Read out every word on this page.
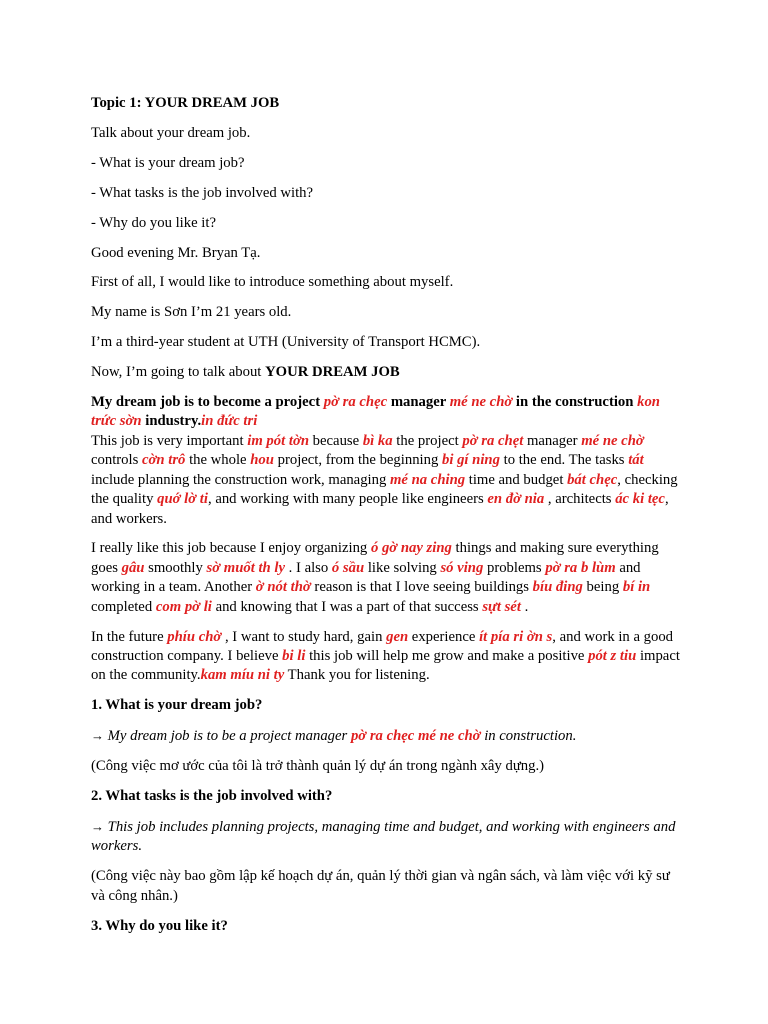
Topic 1: YOUR DREAM JOB

Talk about your dream job.

- What is your dream job?

- What tasks is the job involved with?

- Why do you like it?

Good evening Mr. Bryan Tạ.

First of all, I would like to introduce something about myself.

My name is Sơn I’m 21 years old.

I’m a third-year student at UTH (University of Transport HCMC).

Now, I’m going to talk about YOUR DREAM JOB

My dream job is to become a project pờ ra chẹc manager mé ne chờ in the construction kon trức sờn industry.in đức tri

This job is very important im pót tờn because bì ka the project pờ ra chẹt manager mé ne chờ controls cờn trô the whole hou project, from the beginning bi gí ning to the end. The tasks tát include planning the construction work, managing mé na ching time and budget bát chẹc, checking the quality quớ lờ ti, and working with many people like engineers en đờ nia , architects ác ki tẹc, and workers.

I really like this job because I enjoy organizing ó gờ nay zing things and making sure everything goes gâu smoothly sờ muốt th ly . I also ó sầu like solving só ving problems pờ ra b lùm and working in a team. Another ờ nót thờ reason is that I love seeing buildings bíu đing being bí in completed com pờ li and knowing that I was a part of that success sựt sét .

In the future phíu chờ , I want to study hard, gain gen experience ít pía ri ờn s, and work in a good construction company. I believe bi li this job will help me grow and make a positive pót z tiu impact on the community.kam míu ni ty Thank you for listening.

1. What is your dream job?

→ My dream job is to be a project manager pờ ra chẹc mé ne chờ in construction.

(Công việc mơ ước của tôi là trở thành quản lý dự án trong ngành xây dựng.)

2. What tasks is the job involved with?

→ This job includes planning projects, managing time and budget, and working with engineers and workers.

(Công việc này bao gồm lập kế hoạch dự án, quản lý thời gian và ngân sách, và làm việc với kỹ sư và công nhân.)

3. Why do you like it?
